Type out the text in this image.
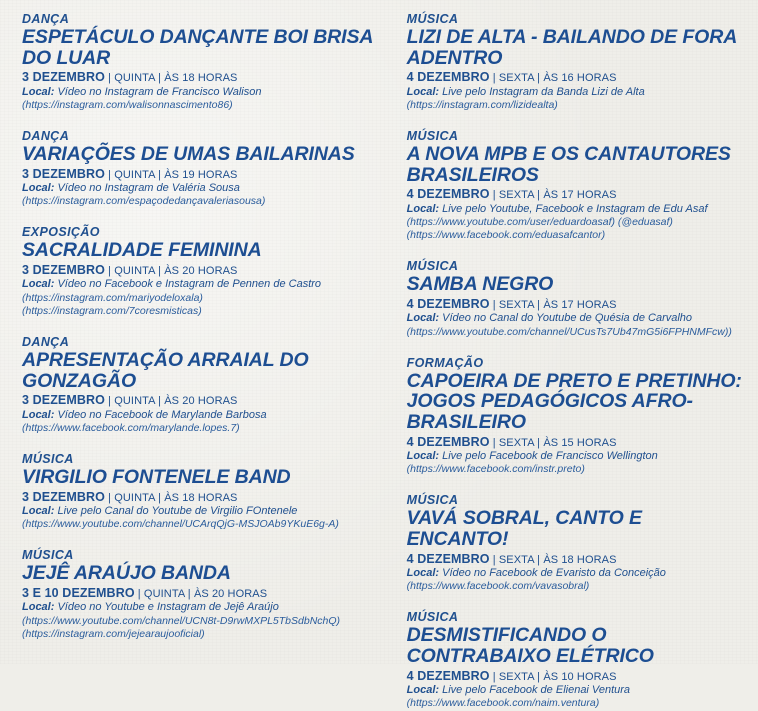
DANÇA
ESPETÁCULO DANÇANTE BOI BRISA DO LUAR
3 DEZEMBRO | QUINTA | ÀS 18 HORAS
Local: Vídeo no Instagram de Francisco Walison
(https://instagram.com/walisonnascimento86)
DANÇA
VARIAÇÕES DE UMAS BAILARINAS
3 DEZEMBRO | QUINTA | ÀS 19 HORAS
Local: Vídeo no Instagram de Valéria Sousa
(https://instagram.com/espaçodedançavaleriasousa)
EXPOSIÇÃO
SACRALIDADE FEMININA
3 DEZEMBRO | QUINTA | ÀS 20 HORAS
Local: Vídeo no Facebook e Instagram de Pennen de Castro
(https://instagram.com/mariyodeloxala)
(https://instagram.com/7coresmisticas)
DANÇA
APRESENTAÇÃO ARRAIAL DO GONZAGÃO
3 DEZEMBRO | QUINTA | ÀS 20 HORAS
Local: Vídeo no Facebook de Marylande Barbosa
(https://www.facebook.com/marylande.lopes.7)
MÚSICA
VIRGILIO FONTENELE BAND
3 DEZEMBRO | QUINTA | ÀS 18 HORAS
Local: Live pelo Canal do Youtube de Virgilio FOntenele
(https://www.youtube.com/channel/UCArqQjG-MSJOAb9YKuE6g-A)
MÚSICA
JEJÊ ARAÚJO BANDA
3 E 10 DEZEMBRO | QUINTA | ÀS 20 HORAS
Local: Vídeo no Youtube e Instagram de Jejê Araújo
(https://www.youtube.com/channel/UCN8t-D9rwMXPL5TbSdbNchQ)
(https://instagram.com/jejearaujooficial)
MÚSICA
LIZI DE ALTA - BAILANDO DE FORA ADENTRO
4 DEZEMBRO | SEXTA | ÀS 16 HORAS
Local: Live pelo Instagram da Banda Lizi de Alta
(https://instagram.com/lizidealta)
MÚSICA
A NOVA MPB E OS CANTAUTORES BRASILEIROS
4 DEZEMBRO | SEXTA | ÀS 17 HORAS
Local: Live pelo Youtube, Facebook e Instagram de Edu Asaf
(https://www.youtube.com/user/eduardoasaf) (@eduasaf)
(https://www.facebook.com/eduasafcantor)
MÚSICA
SAMBA NEGRO
4 DEZEMBRO | SEXTA | ÀS 17 HORAS
Local: Vídeo no Canal do Youtube de Quésia de Carvalho
(https://www.youtube.com/channel/UCusTs7Ub47mG5i6FPHNMFcw))
FORMAÇÃO
CAPOEIRA DE PRETO E PRETINHO: JOGOS PEDAGÓGICOS AFRO-BRASILEIRO
4 DEZEMBRO | SEXTA | ÀS 15 HORAS
Local: Live pelo Facebook de Francisco Wellington
(https://www.facebook.com/instr.preto)
MÚSICA
VAVÁ SOBRAL, CANTO E ENCANTO!
4 DEZEMBRO | SEXTA | ÀS 18 HORAS
Local: Vídeo no Facebook de Evaristo da Conceição
(https://www.facebook.com/vavasobral)
MÚSICA
DESMISTIFICANDO O CONTRABAIXO ELÉTRICO
4 DEZEMBRO | SEXTA | ÀS 10 HORAS
Local: Live pelo Facebook de Elienai Ventura
(https://www.facebook.com/naim.ventura)
